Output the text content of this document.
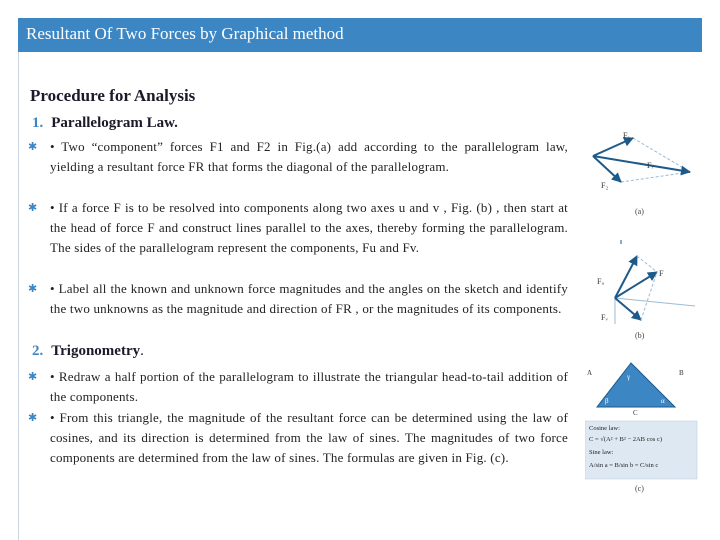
Resultant Of Two Forces by Graphical method
Procedure for Analysis
1. Parallelogram Law.
✱ • Two “component” forces F1 and F2 in Fig.(a) add according to the parallelogram law, yielding a resultant force FR that forms the diagonal of the parallelogram.
✱ • If a force F is to be resolved into components along two axes u and v , Fig. (b) , then start at the head of force F and construct lines parallel to the axes, thereby forming the parallelogram. The sides of the parallelogram represent the components, Fu and Fv.
✱ • Label all the known and unknown force magnitudes and the angles on the sketch and identify the two unknowns as the magnitude and direction of FR , or the magnitudes of its components.
2. Trigonometry.
✱ • Redraw a half portion of the parallelogram to illustrate the triangular head-to-tail addition of the components.
✱ • From this triangle, the magnitude of the resultant force can be determined using the law of cosines, and its direction is determined from the law of sines. The magnitudes of two force components are determined from the law of sines. The formulas are given in Fig. (c).
F₁
F₂
Fᵣ
(a)
Fᵤ
Fᵥ
F
(b)
A	B
C
γ
β	α
Cosine law:
C = √(A² + B² − 2AB cos c)
Sine law:
A/sin a = B/sin b = C/sin c
(c)
